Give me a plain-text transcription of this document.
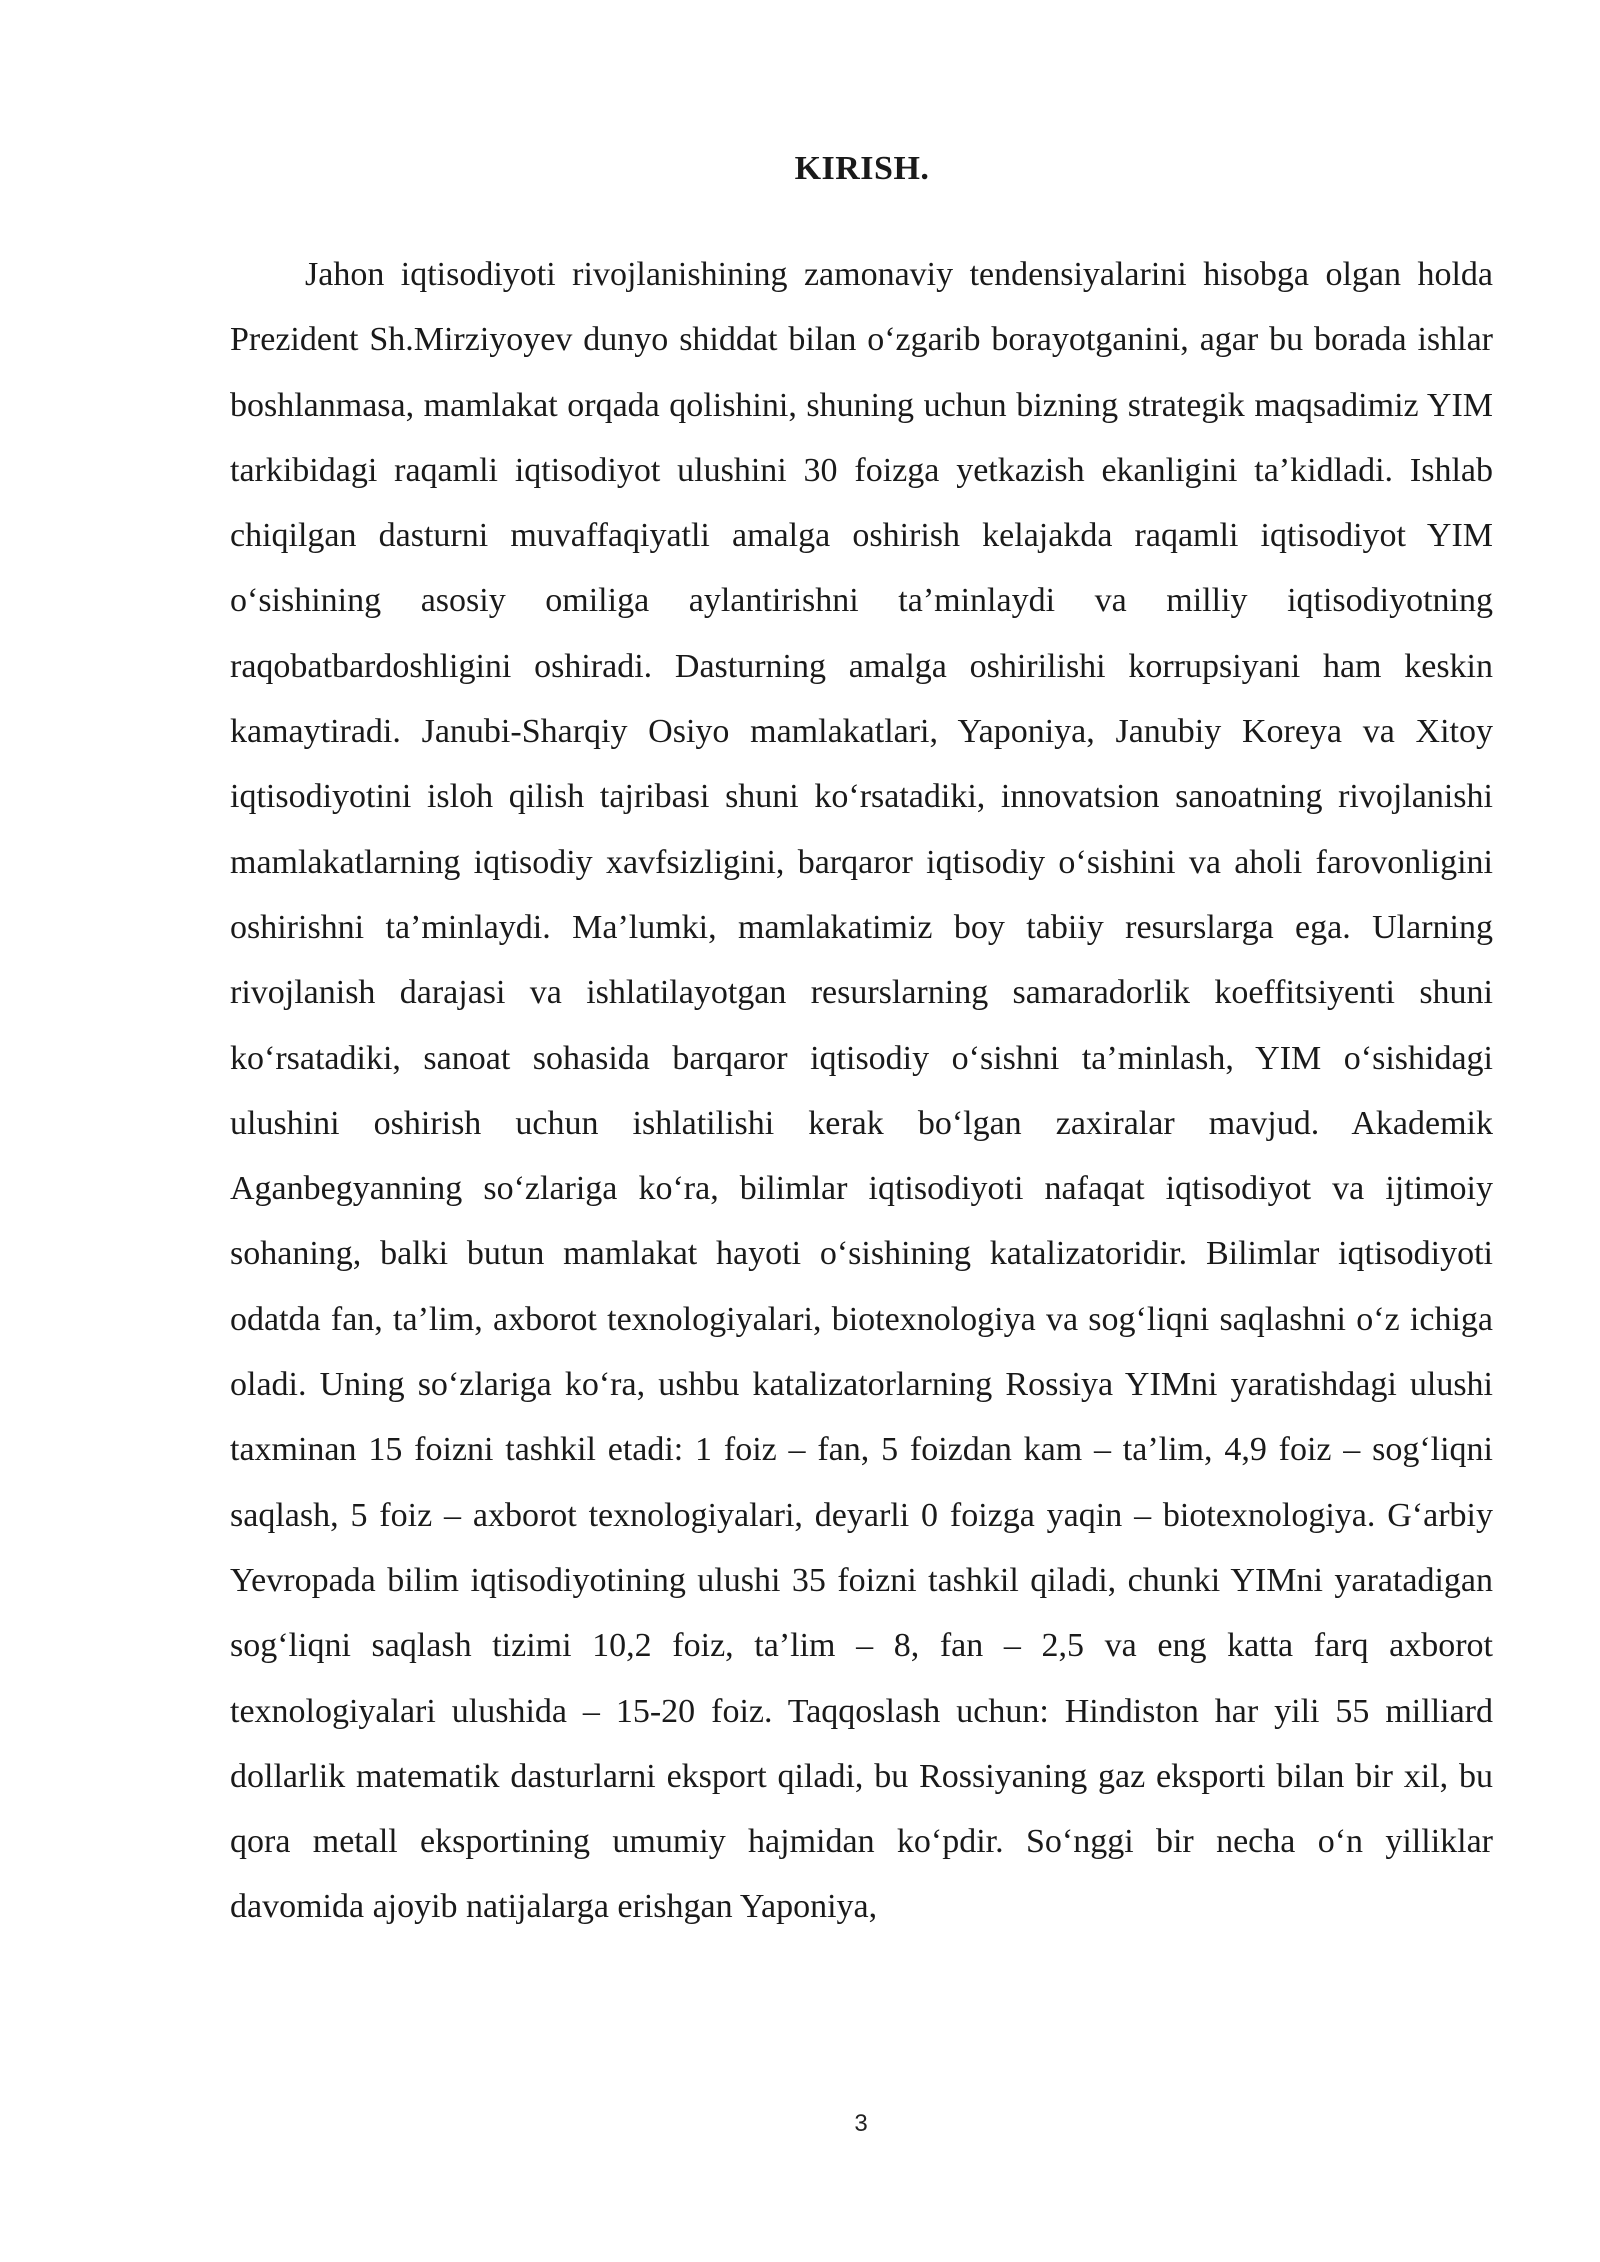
KIRISH.

Jahon iqtisodiyoti rivojlanishining zamonaviy tendensiyalarini hisobga olgan holda Prezident Sh.Mirziyoyev dunyo shiddat bilan o‘zgarib borayotganini, agar bu borada ishlar boshlanmasa, mamlakat orqada qolishini, shuning uchun bizning strategik maqsadimiz YIM tarkibidagi raqamli iqtisodiyot ulushini 30 foizga yetkazish ekanligini ta’kidladi. Ishlab chiqilgan dasturni muvaffaqiyatli amalga oshirish kelajakda raqamli iqtisodiyot YIM o‘sishining asosiy omiliga aylantirishni ta’minlaydi va milliy iqtisodiyotning raqobatbardoshligini oshiradi. Dasturning amalga oshirilishi korrupsiyani ham keskin kamaytiradi. Janubi-Sharqiy Osiyo mamlakatlari, Yaponiya, Janubiy Koreya va Xitoy iqtisodiyotini isloh qilish tajribasi shuni ko‘rsatadiki, innovatsion sanoatning rivojlanishi mamlakatlarning iqtisodiy xavfsizligini, barqaror iqtisodiy o‘sishini va aholi farovonligini oshirishni ta’minlaydi. Ma’lumki, mamlakatimiz boy tabiiy resurslarga ega. Ularning rivojlanish darajasi va ishlatilayotgan resurslarning samaradorlik koeffitsiyenti shuni ko‘rsatadiki, sanoat sohasida barqaror iqtisodiy o‘sishni ta’minlash, YIM o‘sishidagi ulushini oshirish uchun ishlatilishi kerak bo‘lgan zaxiralar mavjud. Akademik Aganbegyanning so‘zlariga ko‘ra, bilimlar iqtisodiyoti nafaqat iqtisodiyot va ijtimoiy sohaning, balki butun mamlakat hayoti o‘sishining katalizatoridir. Bilimlar iqtisodiyoti odatda fan, ta’lim, axborot texnologiyalari, biotexnologiya va sog‘liqni saqlashni o‘z ichiga oladi. Uning so‘zlariga ko‘ra, ushbu katalizatorlarning Rossiya YIMni yaratishdagi ulushi taxminan 15 foizni tashkil etadi: 1 foiz – fan, 5 foizdan kam – ta’lim, 4,9 foiz – sog‘liqni saqlash, 5 foiz – axborot texnologiyalari, deyarli 0 foizga yaqin – biotexnologiya. G‘arbiy Yevropada bilim iqtisodiyotining ulushi 35 foizni tashkil qiladi, chunki YIMni yaratadigan sog‘liqni saqlash tizimi 10,2 foiz, ta’lim – 8, fan – 2,5 va eng katta farq axborot texnologiyalari ulushida – 15-20 foiz. Taqqoslash uchun: Hindiston har yili 55 milliard dollarlik matematik dasturlarni eksport qiladi, bu Rossiyaning gaz eksporti bilan bir xil, bu qora metall eksportining umumiy hajmidan ko‘pdir. So‘nggi bir necha o‘n yilliklar davomida ajoyib natijalarga erishgan Yaponiya,

3
